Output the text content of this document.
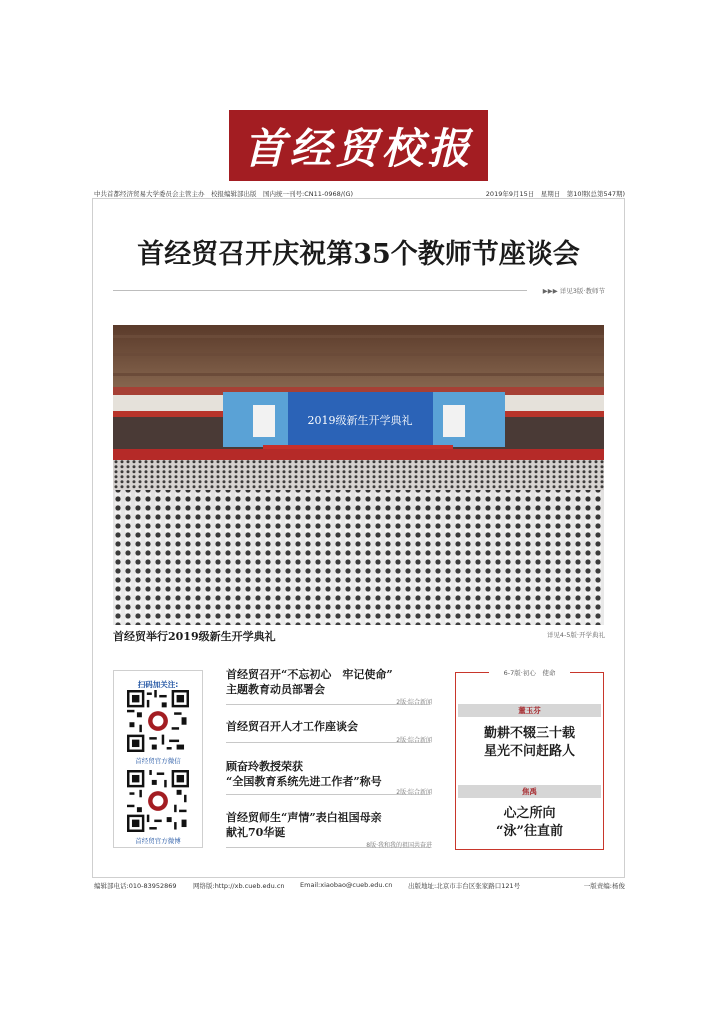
首经贸校报
中共首都经济贸易大学委员会主管主办　校报编辑部出版　国内统一刊号:CN11-0968/(G)	2019年9月15日　星期日　第10期(总第547期)
首经贸召开庆祝第35个教师节座谈会
▶▶▶ 详见3版·教师节
2019级新生开学典礼
首经贸举行2019级新生开学典礼	详见4-5版·开学典礼
扫码加关注:
首经贸官方微信
首经贸官方微博
首经贸召开“不忘初心　牢记使命”
主题教育动员部署会
2版·综合新闻
首经贸召开人才工作座谈会
2版·综合新闻
顾奋玲教授荣获
“全国教育系统先进工作者”称号
2版·综合新闻
首经贸师生“声情”表白祖国母亲
献礼70华诞
8版·我和我的祖国共奋进
6-7版·初心　使命
董玉芬
勤耕不辍三十载
星光不问赶路人
焦禹
心之所向
“泳”往直前
编辑部电话:010-83952869	网络版:http://xb.cueb.edu.cn Email:xiaobao@cueb.edu.cn 出版地址:北京市丰台区张家路口121号	一版责编:杨俊
